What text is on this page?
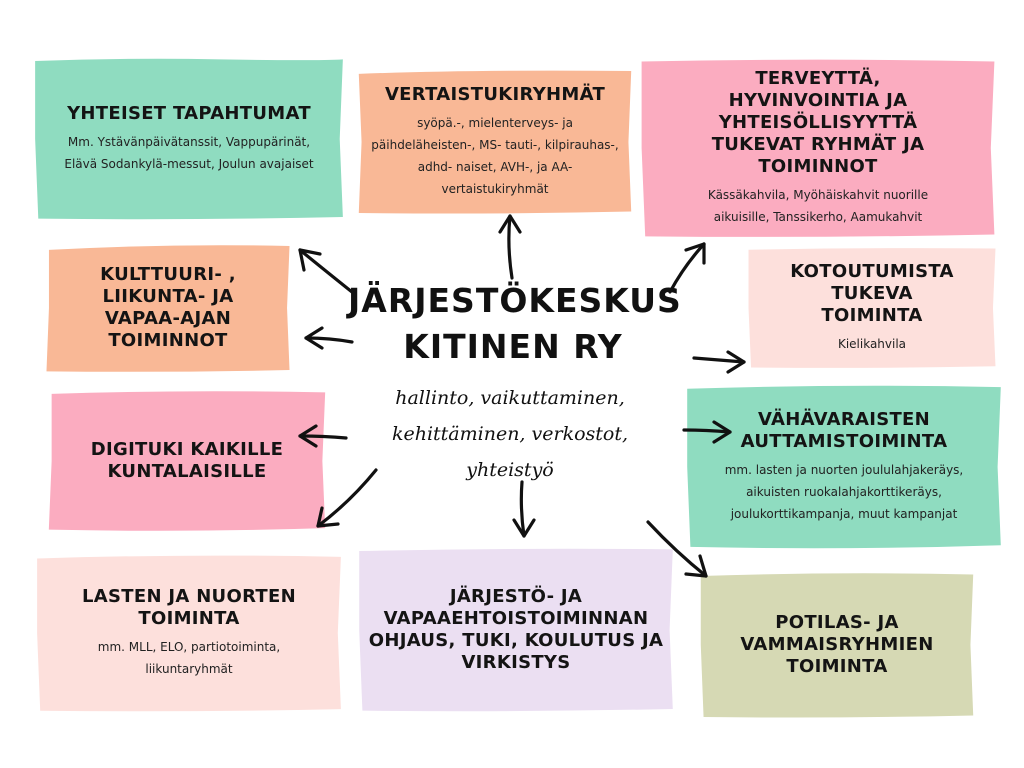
YHTEISET TAPAHTUMAT
Mm. Ystävänpäivätanssit, Vappupärinät, Elävä Sodankylä-messut, Joulun avajaiset
VERTAISTUKIRYHMÄT
syöpä.-, mielenterveys- ja päihdeläheisten-, MS- tauti-, kilpirauhas-, adhd- naiset, AVH-, ja AA- vertaistukiryhmät
TERVEYTTÄ, HYVINVOINTIA JA YHTEISÖLLISYYTTÄ TUKEVAT RYHMÄT JA TOIMINNOT
Kässäkahvila, Myöhäiskahvit nuorille aikuisille, Tanssikerho, Aamukahvit
KULTTUURI- , LIIKUNTA- JA VAPAA-AJAN TOIMINNOT
KOTOUTUMISTA TUKEVA TOIMINTA
Kielikahvila
DIGITUKI KAIKILLE KUNTALAISILLE
VÄHÄVARAISTEN AUTTAMISTOIMINTA
mm. lasten ja nuorten joululahjakeräys, aikuisten ruokalahjakorttikeräys, joulukorttikampanja, muut kampanjat
LASTEN JA NUORTEN TOIMINTA
mm. MLL, ELO, partiotoiminta, liikuntaryhmät
JÄRJESTÖ- JA VAPAAEHTOISTOIMINNAN OHJAUS, TUKI, KOULUTUS JA VIRKISTYS
POTILAS- JA VAMMAISRYHMIEN TOIMINTA
JÄRJESTÖKESKUS
KITINEN RY
hallinto, vaikuttaminen, kehittäminen, verkostot, yhteistyö
